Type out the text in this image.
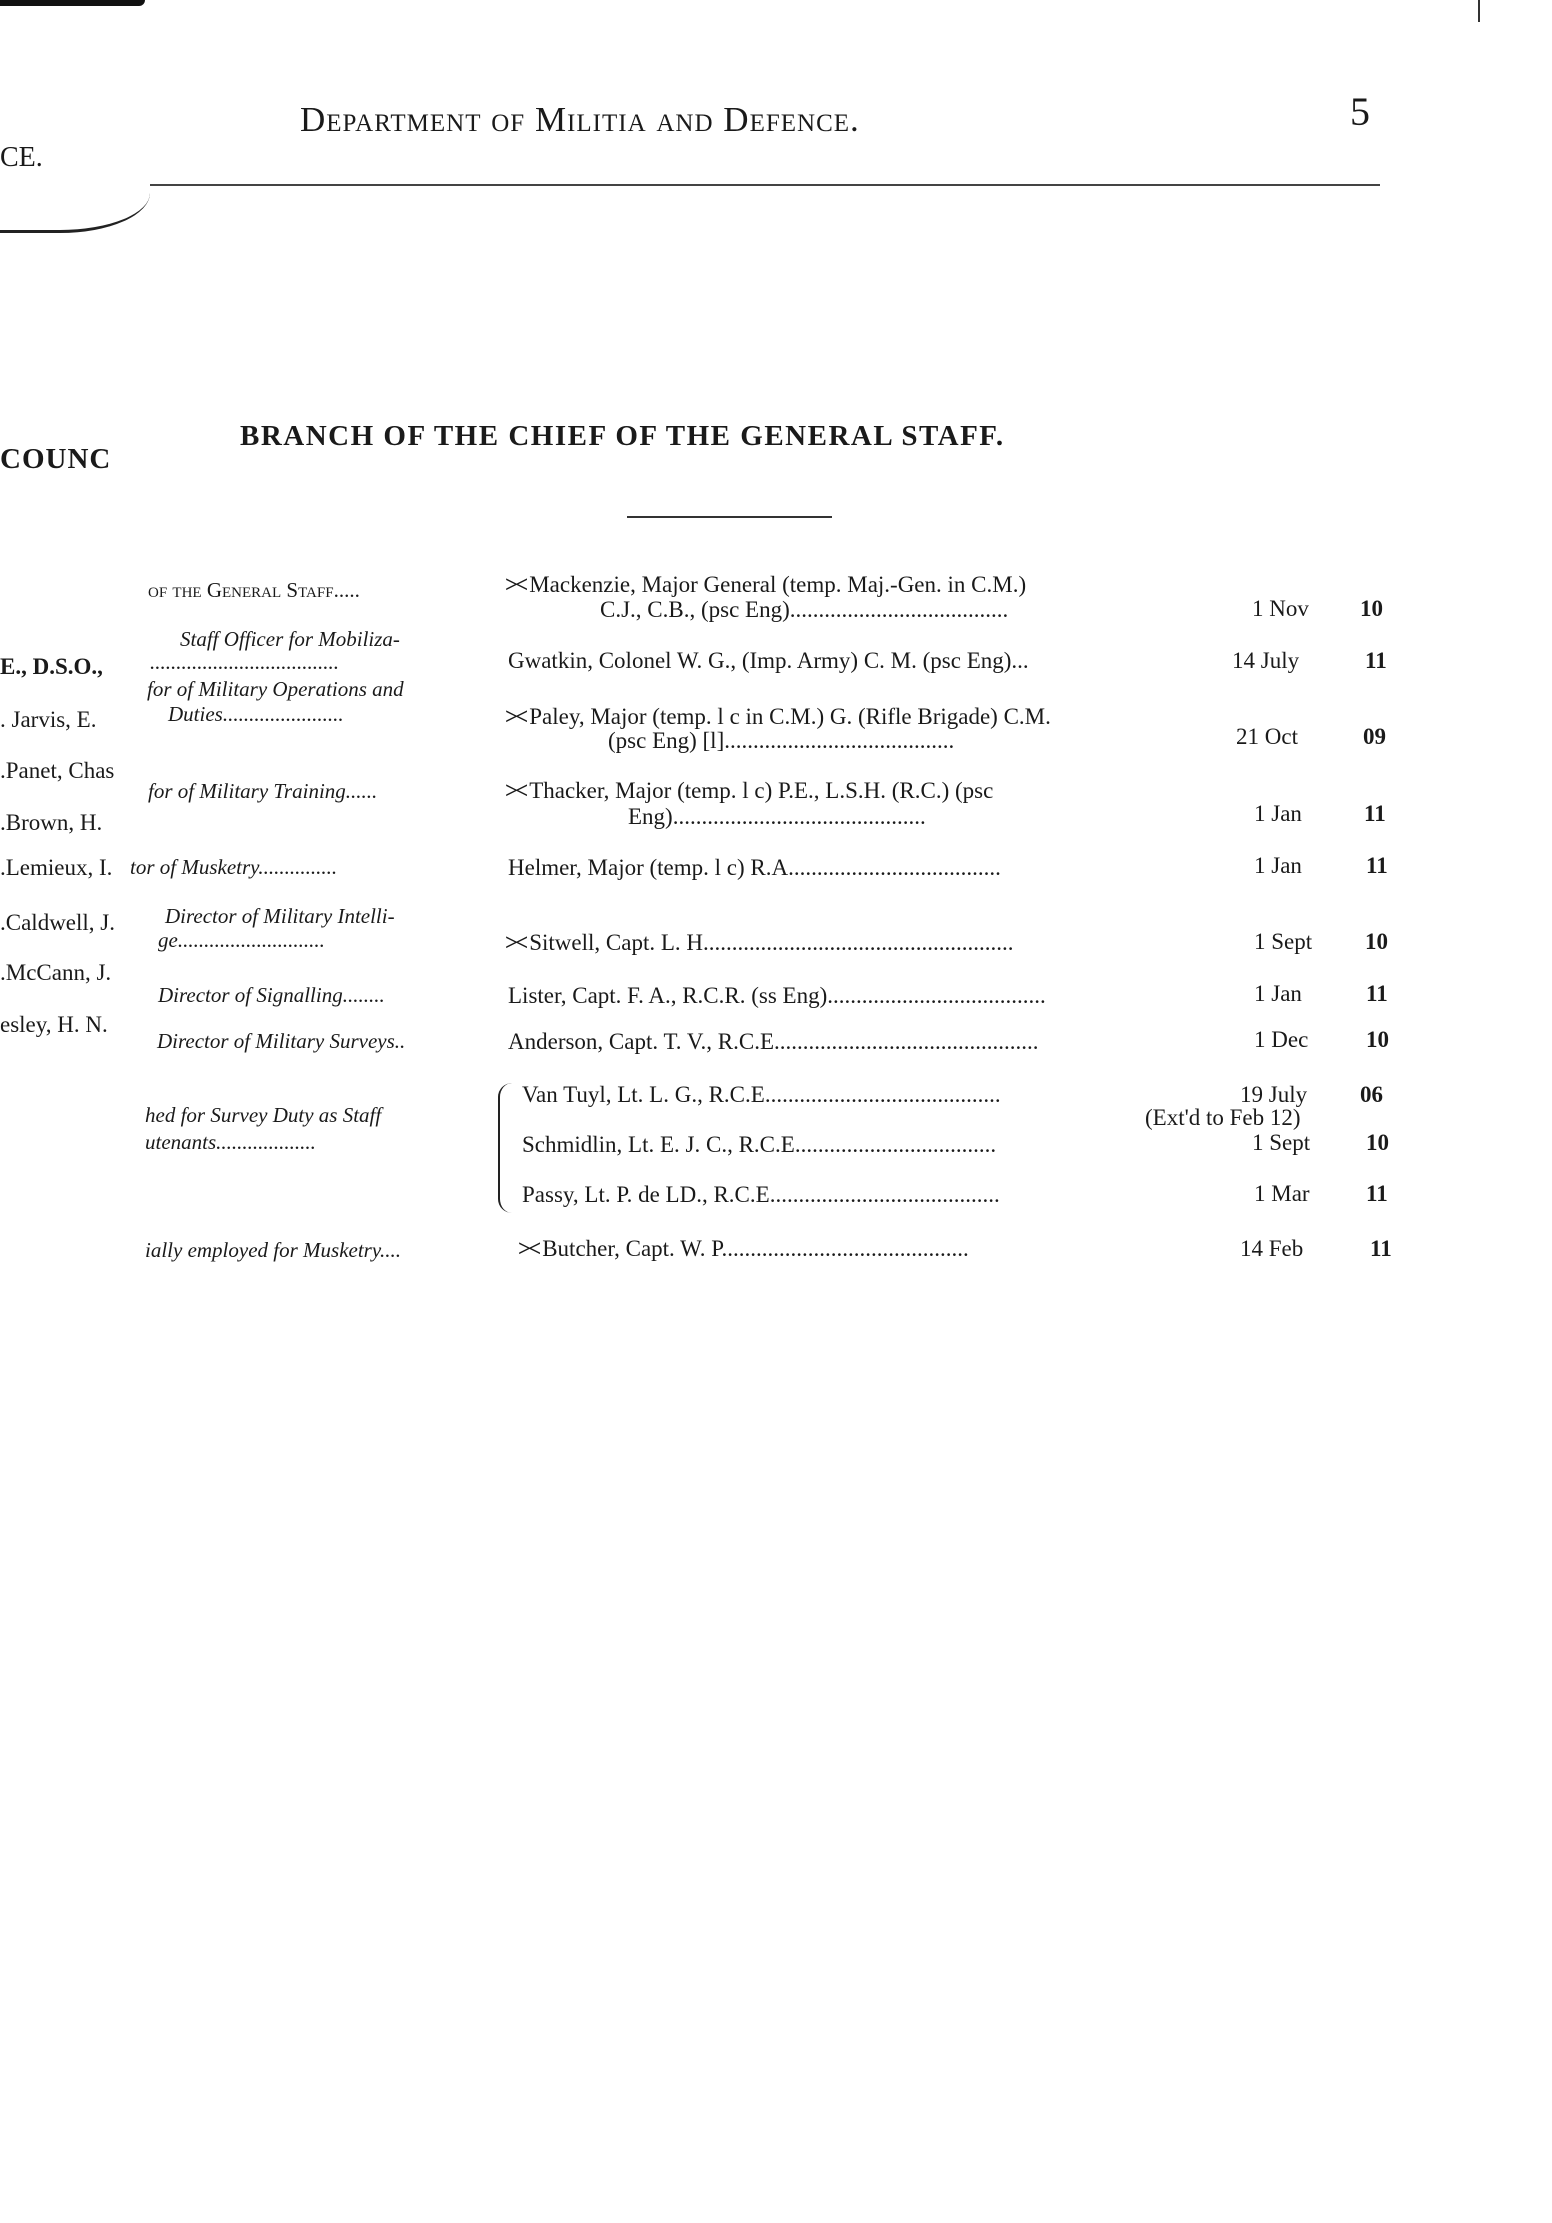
Department of Militia and Defence.	5
CE.
COUNC
BRANCH OF THE CHIEF OF THE GENERAL STAFF.
E., D.S.O.,
. Jarvis, E.
.Panet, Chas
.Brown, H.
.Lemieux, I.
.Caldwell, J.
.McCann, J.
esley, H. N.
of the General Staff.....	>< Mackenzie, Major General (temp. Maj.-Gen. in C.M.)
C.J., C.B., (psc Eng)......................................	1 Nov 10
Staff Officer for Mobiliza-
....................................	Gwatkin, Colonel W. G., (Imp. Army) C. M. (psc Eng)...	14 July	11
for of Military Operations and
Duties.......................	>< Paley, Major (temp. l c in C.M.) G. (Rifle Brigade) C.M.
(psc Eng) [l]........................................	21 Oct	09
for of Military Training......	>< Thacker, Major (temp. l c) P.E., L.S.H. (R.C.) (psc
Eng)............................................	1 Jan	11
tor of Musketry...............	Helmer, Major (temp. l c) R.A.....................................	1 Jan	11
Director of Military Intelli-
ge............................	>< Sitwell, Capt. L. H......................................................	1 Sept 10
Director of Signalling........	Lister, Capt. F. A., R.C.R. (ss Eng)......................................	1 Jan	11
Director of Military Surveys..	Anderson, Capt. T. V., R.C.E..............................................	1 Dec	10
hed for Survey Duty as Staff
utenants...................
Van Tuyl, Lt. L. G., R.C.E.........................................	19 July 06
(Ext'd to Feb 12)
Schmidlin, Lt. E. J. C., R.C.E...................................	1 Sept 10
Passy, Lt. P. de LD., R.C.E........................................	1 Mar 11
ially employed for Musketry....	>< Butcher, Capt. W. P...........................................	14 Feb	11
